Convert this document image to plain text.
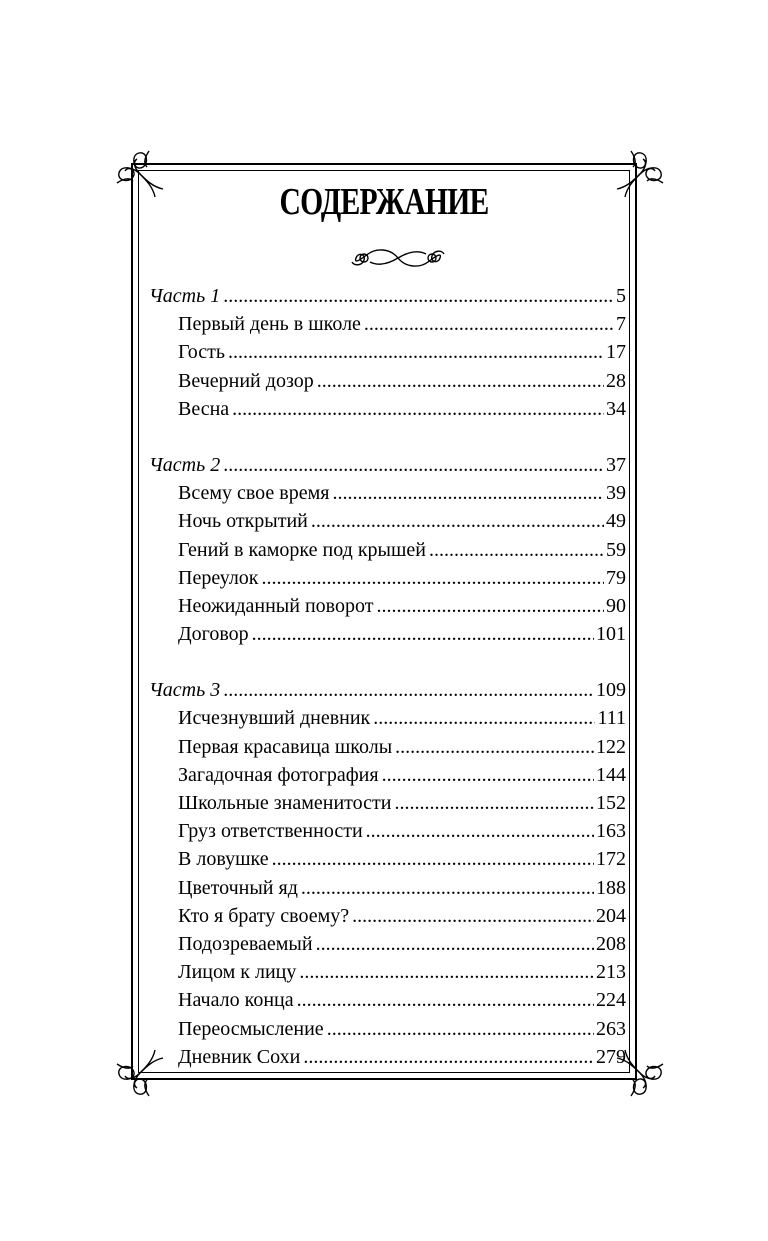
СОДЕРЖАНИЕ
Часть 1 .....	5
Первый день в школе .....	7
Гость .....	17
Вечерний дозор .....	28
Весна .....	34
Часть 2 .....	37
Всему свое время .....	39
Ночь открытий .....	49
Гений в каморке под крышей .....	59
Переулок .....	79
Неожиданный поворот .....	90
Договор .....	101
Часть 3 .....	109
Исчезнувший дневник .....	111
Первая красавица школы .....	122
Загадочная фотография .....	144
Школьные знаменитости .....	152
Груз ответственности .....	163
В ловушке .....	172
Цветочный яд .....	188
Кто я брату своему? .....	204
Подозреваемый .....	208
Лицом к лицу .....	213
Начало конца .....	224
Переосмысление .....	263
Дневник Сохи .....	279
